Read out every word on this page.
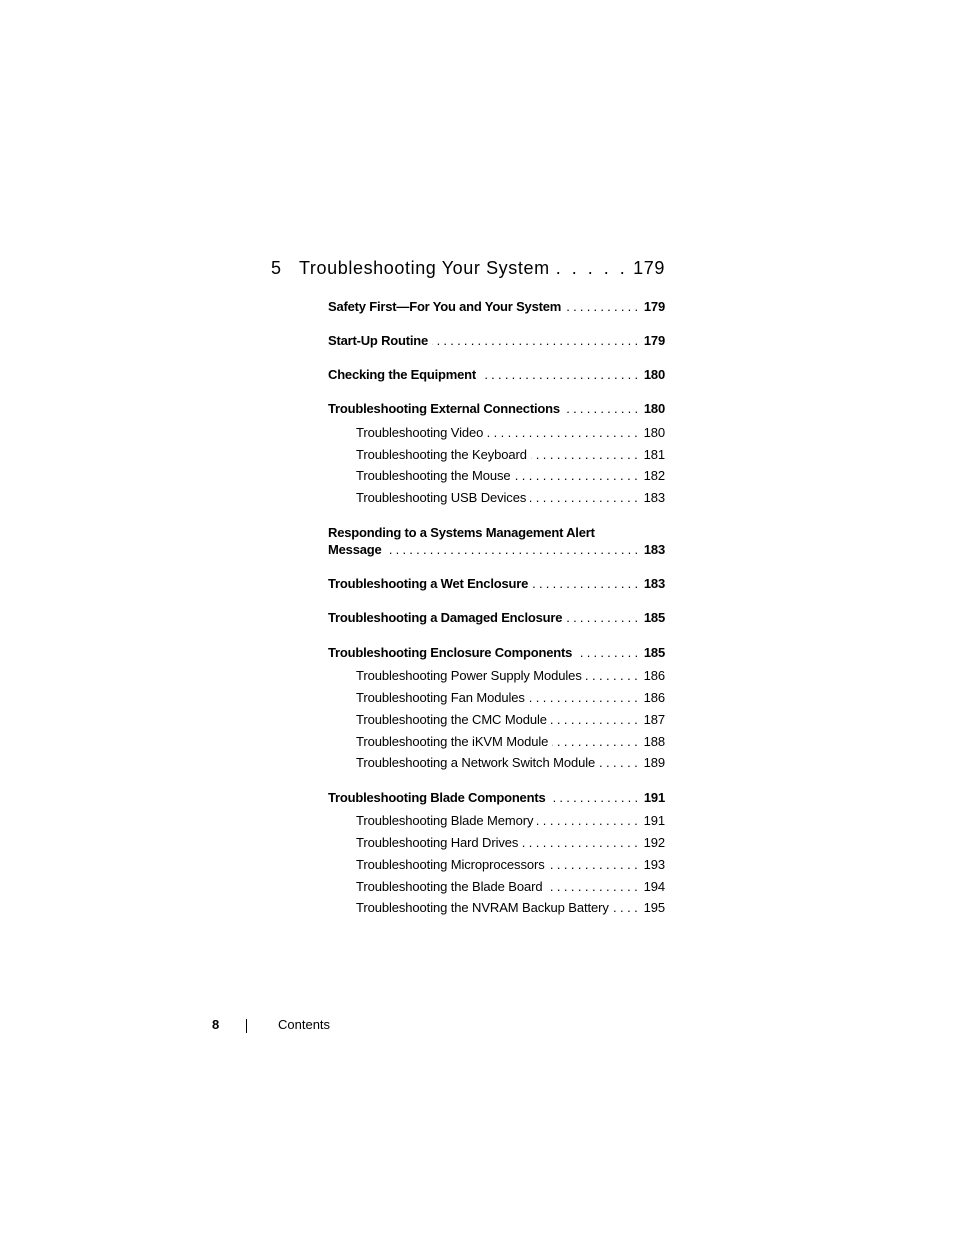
5 Troubleshooting Your System . . .	179
Safety First—For You and Your System . . .	179
Start-Up Routine . . .	179
Checking the Equipment . . .	180
Troubleshooting External Connections . . .	180
Troubleshooting Video . . .	180
Troubleshooting the Keyboard . . .	181
Troubleshooting the Mouse . . .	182
Troubleshooting USB Devices . . .	183
Responding to a Systems Management Alert
Message . . .	183
Troubleshooting a Wet Enclosure . . .	183
Troubleshooting a Damaged Enclosure . . .	185
Troubleshooting Enclosure Components . . .	185
Troubleshooting Power Supply Modules . . .	186
Troubleshooting Fan Modules . . .	186
Troubleshooting the CMC Module . . .	187
Troubleshooting the iKVM Module . . .	188
Troubleshooting a Network Switch Module . . .	189
Troubleshooting Blade Components . . .	191
Troubleshooting Blade Memory . . .	191
Troubleshooting Hard Drives . . .	192
Troubleshooting Microprocessors . . .	193
Troubleshooting the Blade Board . . .	194
Troubleshooting the NVRAM Backup Battery . . .	195
8	Contents
